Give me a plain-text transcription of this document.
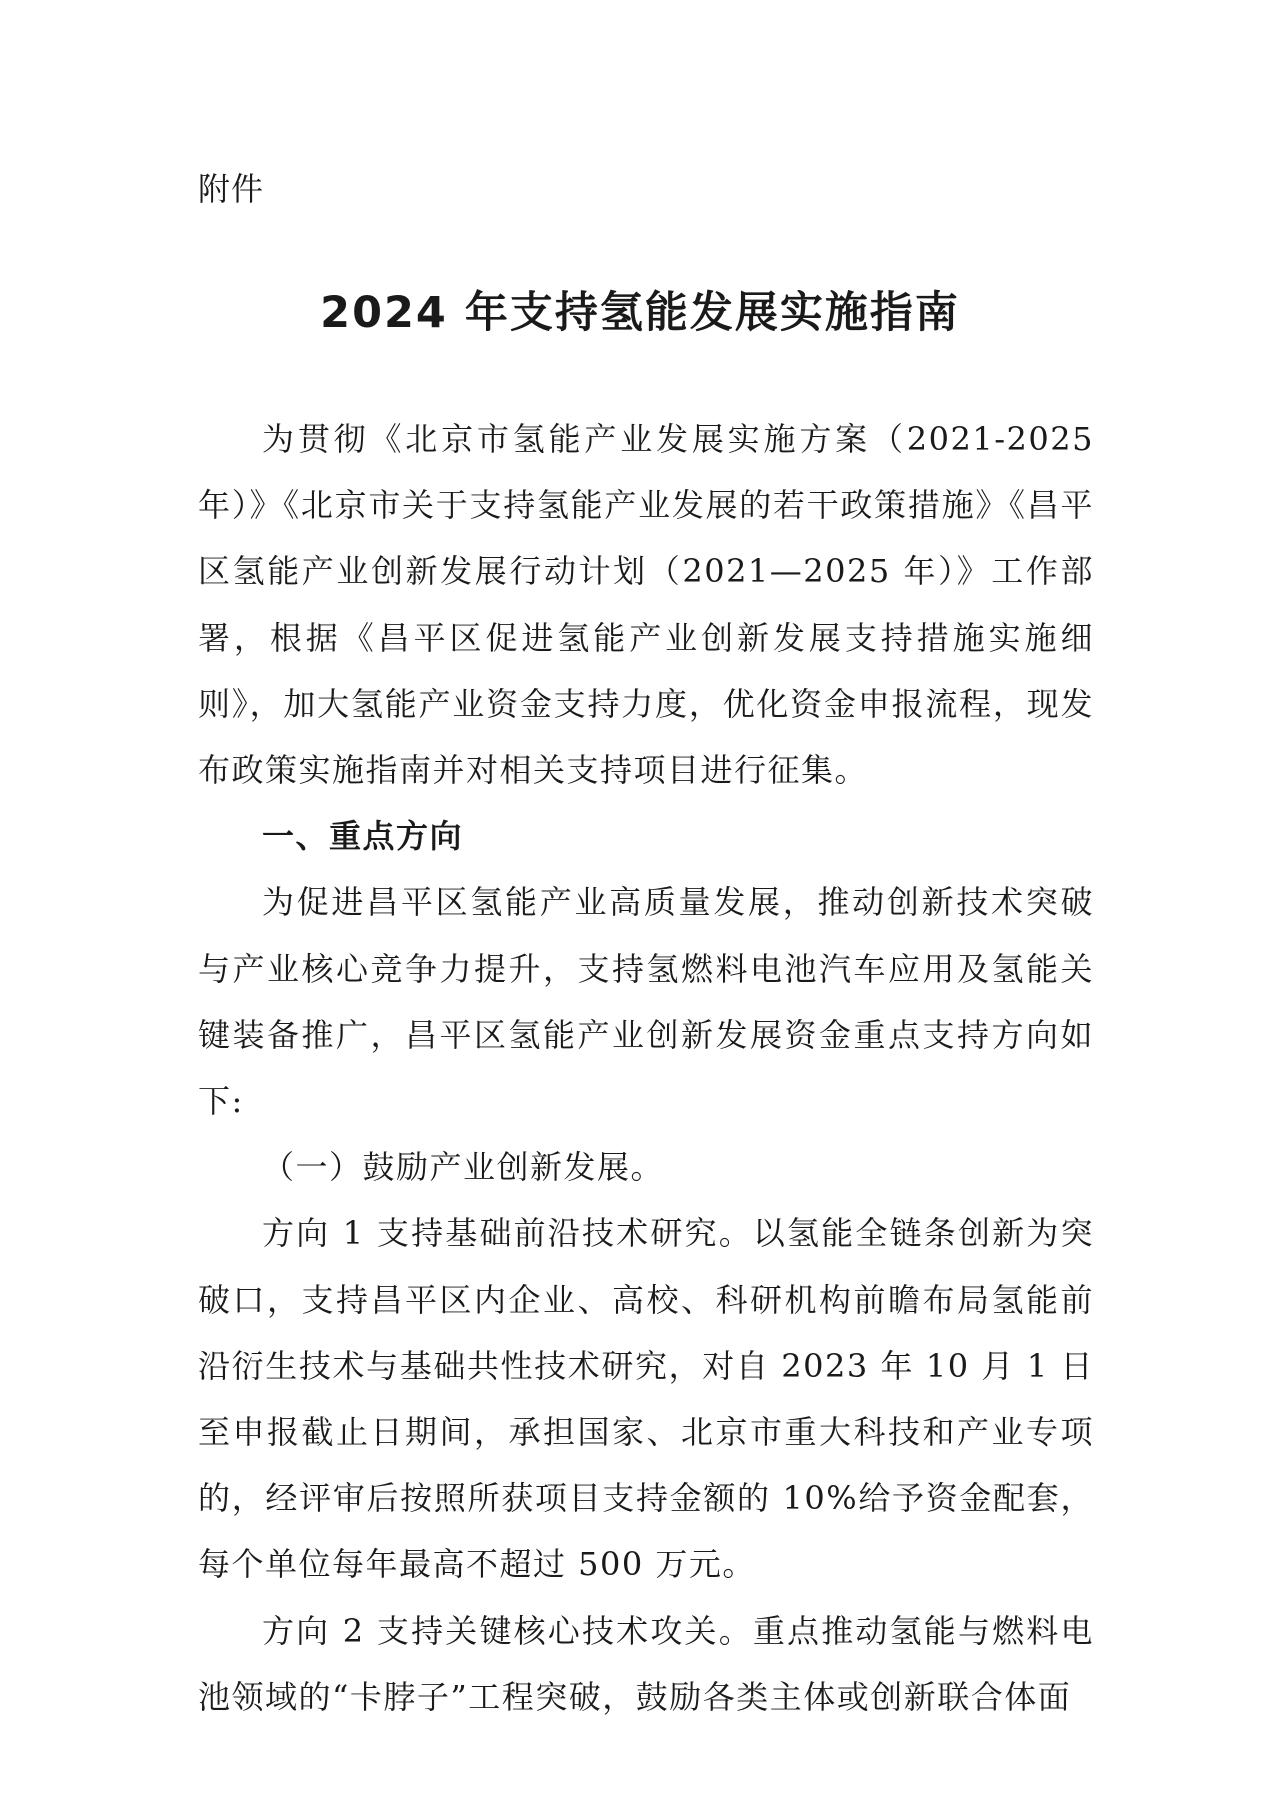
附件
2024 年支持氢能发展实施指南

为贯彻《北京市氢能产业发展实施方案（2021-2025 年）》《北京市关于支持氢能产业发展的若干政策措施》《昌平区氢能产业创新发展行动计划（2021—2025 年）》工作部署，根据《昌平区促进氢能产业创新发展支持措施实施细则》，加大氢能产业资金支持力度，优化资金申报流程，现发布政策实施指南并对相关支持项目进行征集。

一、重点方向

为促进昌平区氢能产业高质量发展，推动创新技术突破与产业核心竞争力提升，支持氢燃料电池汽车应用及氢能关键装备推广，昌平区氢能产业创新发展资金重点支持方向如下:

（一）鼓励产业创新发展。

方向 1 支持基础前沿技术研究。以氢能全链条创新为突破口，支持昌平区内企业、高校、科研机构前瞻布局氢能前沿衍生技术与基础共性技术研究，对自 2023 年 10 月 1 日至申报截止日期间，承担国家、北京市重大科技和产业专项的，经评审后按照所获项目支持金额的 10%给予资金配套，每个单位每年最高不超过 500 万元。

方向 2 支持关键核心技术攻关。重点推动氢能与燃料电池领域的“卡脖子”工程突破，鼓励各类主体或创新联合体面
